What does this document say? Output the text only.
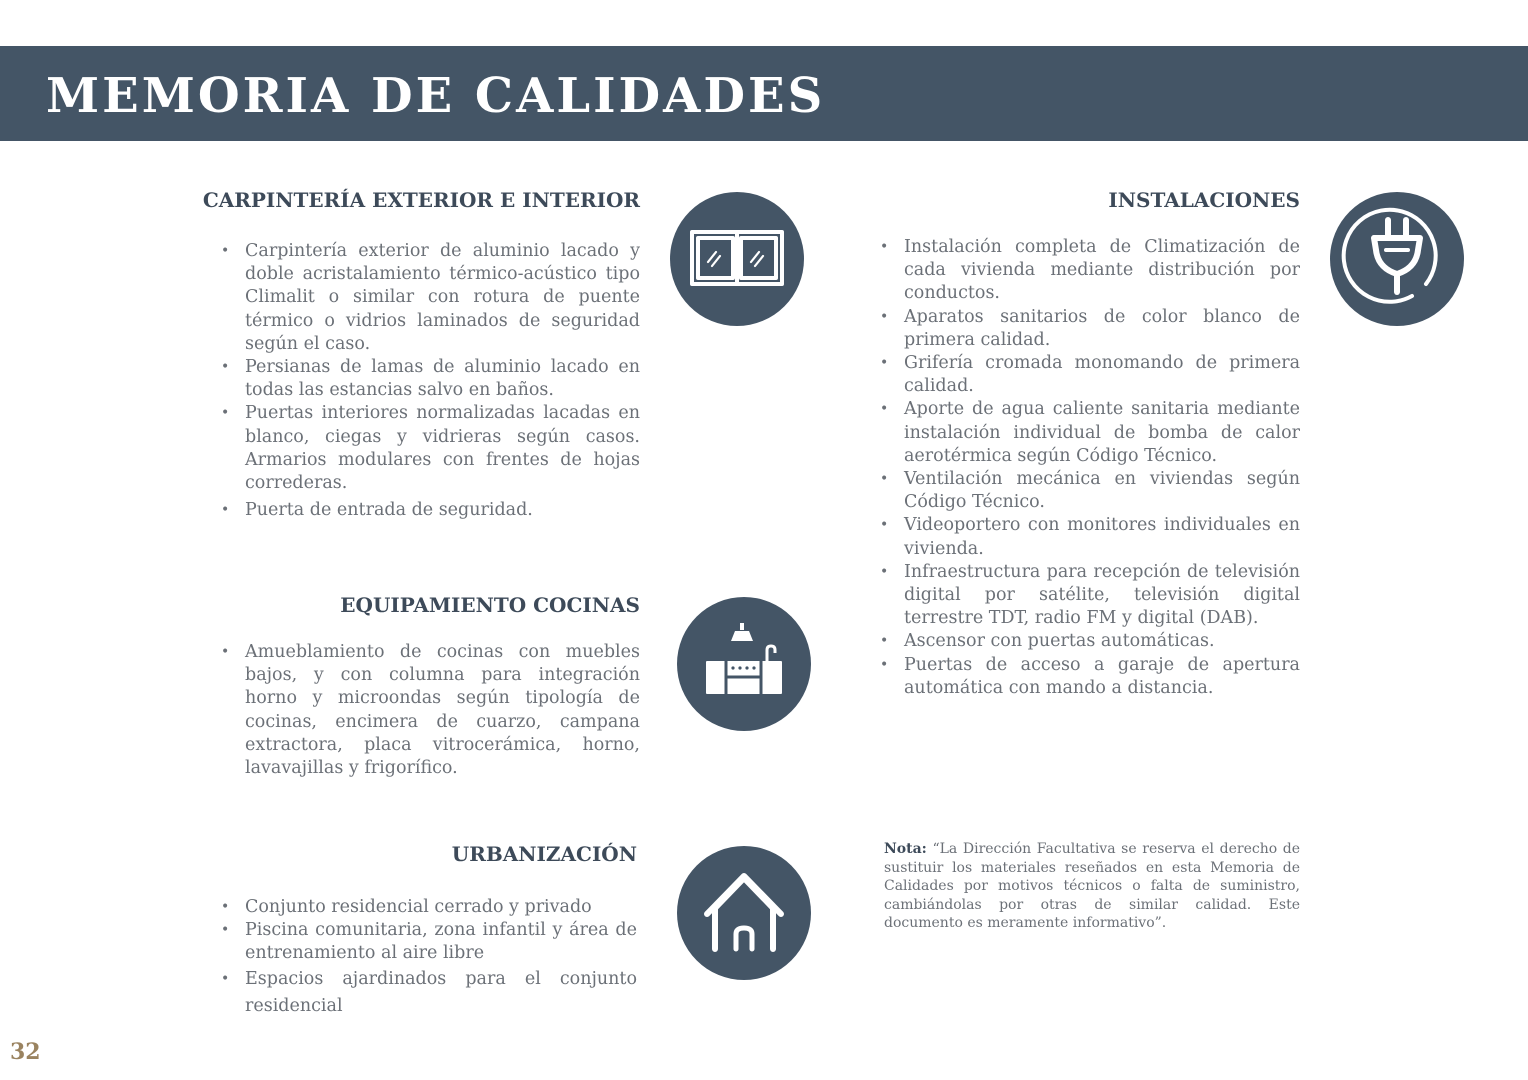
MEMORIA DE CALIDADES
CARPINTERÍA EXTERIOR E INTERIOR
• Carpintería exterior de aluminio lacado y doble acristalamiento térmico-acústico tipo Climalit o similar con rotura de puente térmico o vidrios laminados de seguridad según el caso.
• Persianas de lamas de aluminio lacado en todas las estancias salvo en baños.
• Puertas interiores normalizadas lacadas en blanco, ciegas y vidrieras según casos. Armarios modulares con frentes de hojas correderas.
• Puerta de entrada de seguridad.
EQUIPAMIENTO COCINAS
• Amueblamiento de cocinas con muebles bajos, y con columna para integración horno y microondas según tipología de cocinas, encimera de cuarzo, campana extractora, placa vitrocerámica, horno, lavavajillas y frigorífico.
URBANIZACIÓN
• Conjunto residencial cerrado y privado
• Piscina comunitaria, zona infantil y área de entrenamiento al aire libre
• Espacios ajardinados para el conjunto residencial
INSTALACIONES
• Instalación completa de Climatización de cada vivienda mediante distribución por conductos.
• Aparatos sanitarios de color blanco de primera calidad.
• Grifería cromada monomando de primera calidad.
• Aporte de agua caliente sanitaria mediante instalación individual de bomba de calor aerotérmica según Código Técnico.
• Ventilación mecánica en viviendas según Código Técnico.
• Videoportero con monitores individuales en vivienda.
• Infraestructura para recepción de televisión digital por satélite, televisión digital terrestre TDT, radio FM y digital (DAB).
• Ascensor con puertas automáticas.
• Puertas de acceso a garaje de apertura automática con mando a distancia.

Nota: “La Dirección Facultativa se reserva el derecho de sustituir los materiales reseñados en esta Memoria de Calidades por motivos técnicos o falta de suministro, cambiándolas por otras de similar calidad. Este documento es meramente informativo”.

32
